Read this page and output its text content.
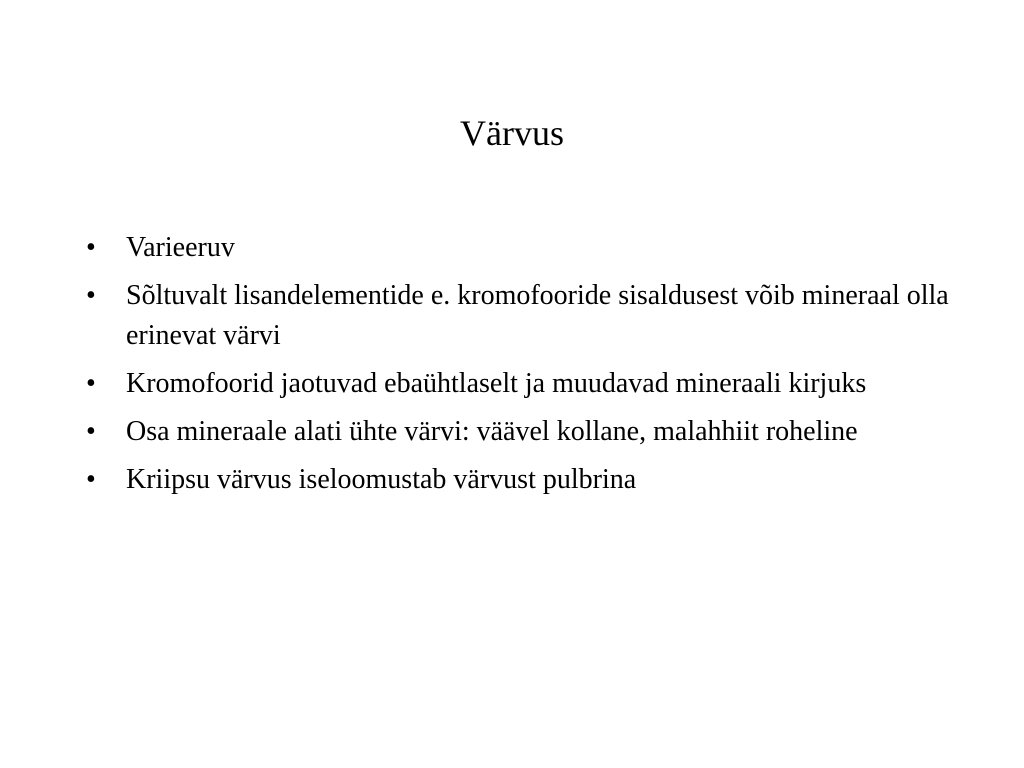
Värvus
•	Varieeruv
•	Sõltuvalt lisandelementide e. kromofooride sisaldusest võib mineraal olla erinevat värvi
•	Kromofoorid jaotuvad ebaühtlaselt ja muudavad mineraali kirjuks
•	Osa mineraale alati ühte värvi: väävel kollane, malahhiit roheline
•	Kriipsu värvus iseloomustab värvust pulbrina
